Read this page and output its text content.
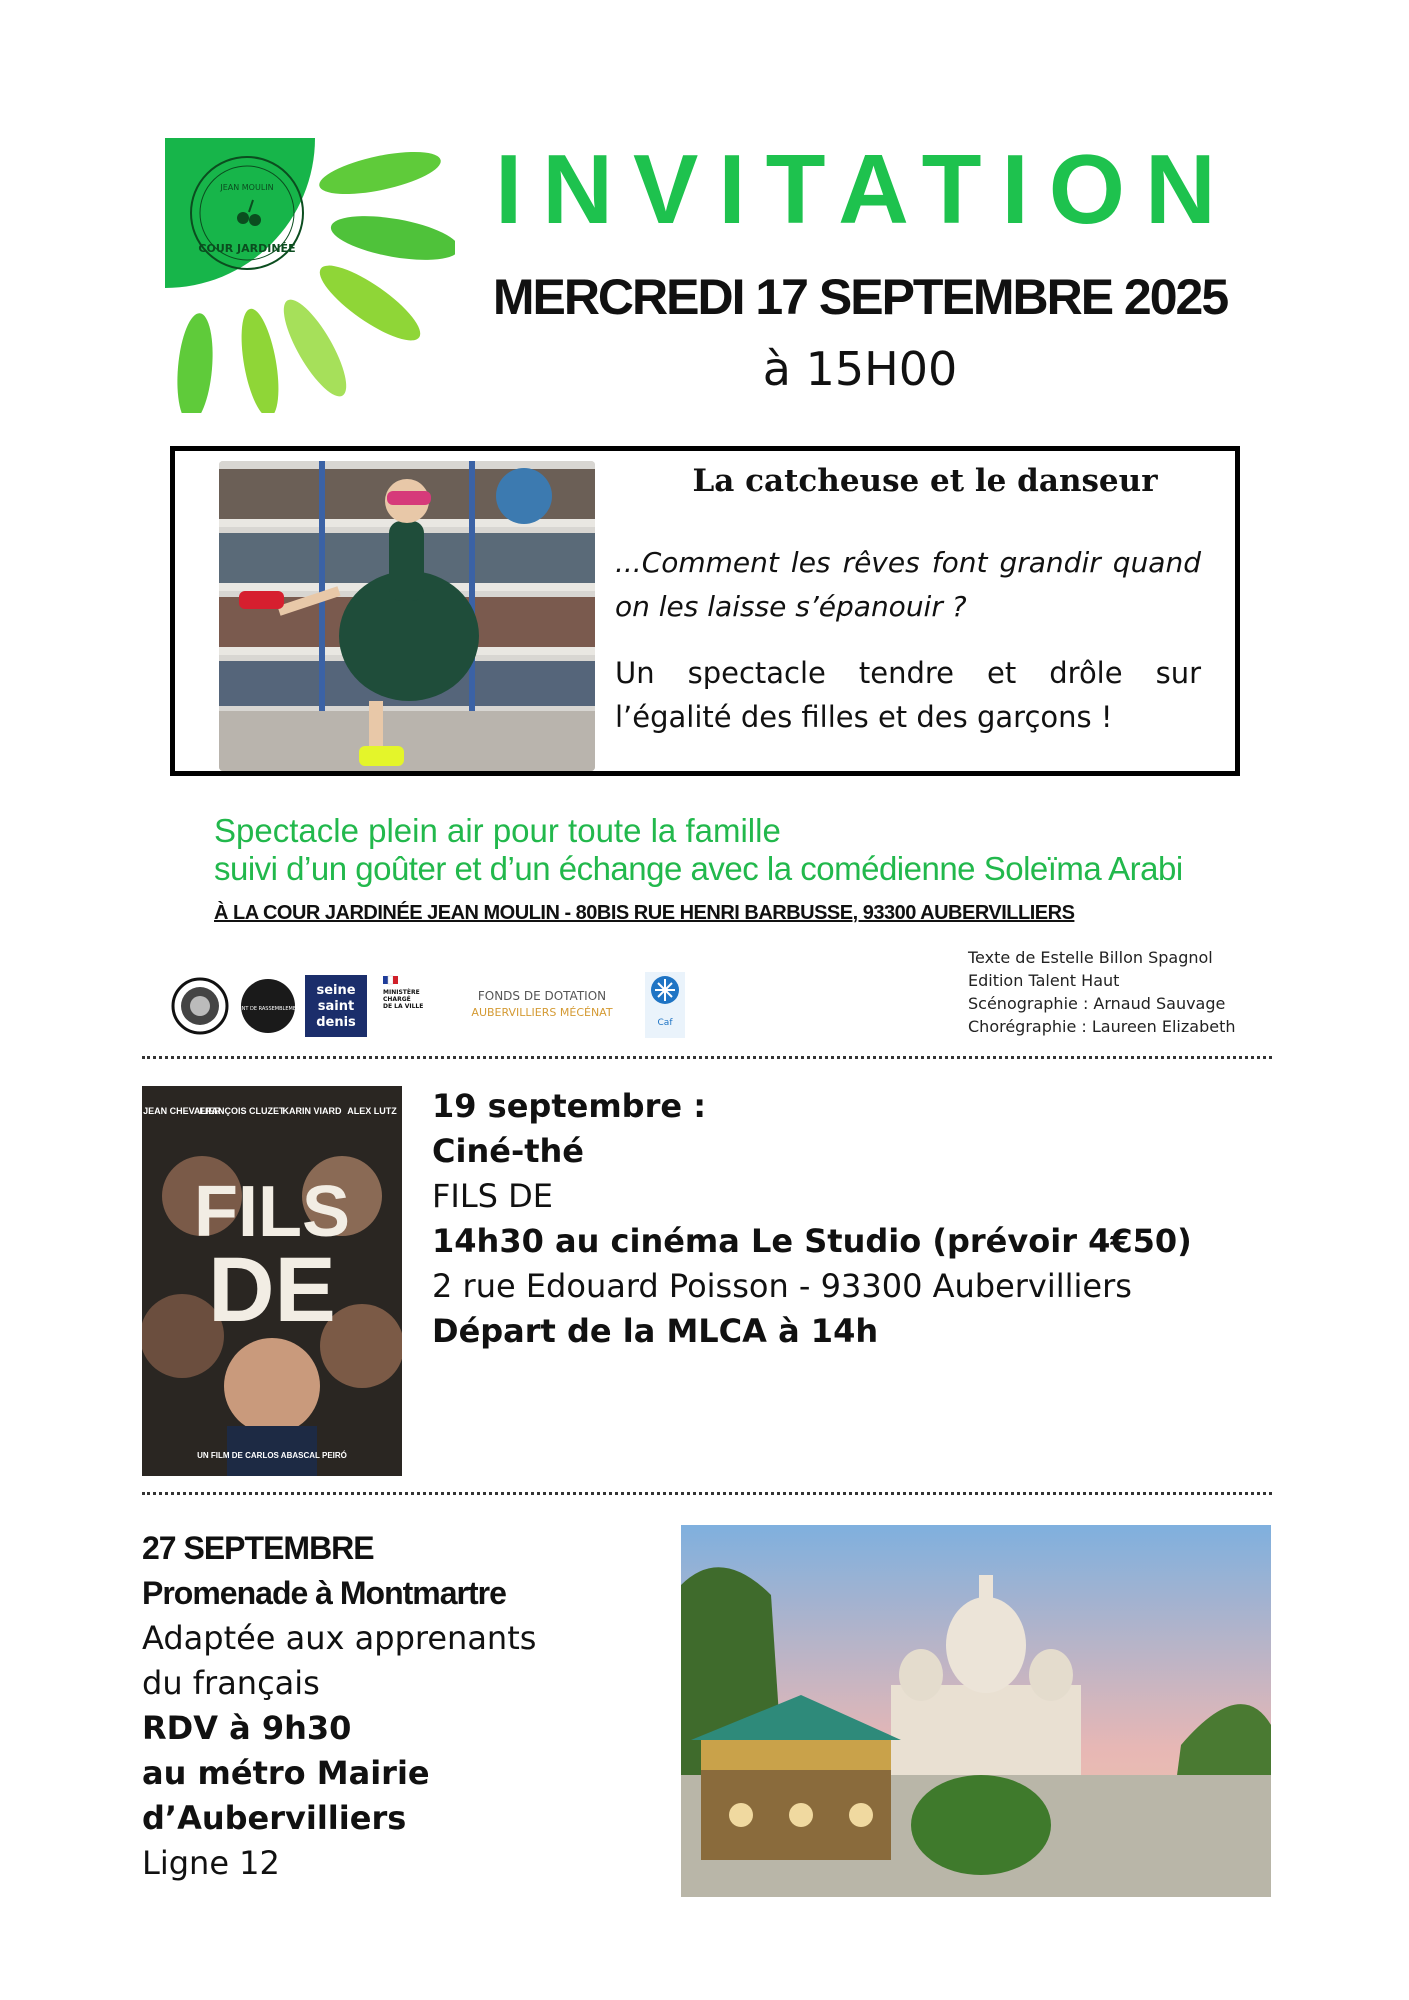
JEAN MOULIN
COUR JARDINÉE
INVITATION
MERCREDI 17 SEPTEMBRE 2025
à 15H00
La catcheuse et le danseur
...Comment les rêves font grandir quand on les laisse s’épanouir ?
Un spectacle tendre et drôle sur l’égalité des filles et des garçons !
Spectacle plein air pour toute la famille
suivi d’un goûter et d’un échange avec la comédienne Soleïma Arabi
À LA COUR JARDINÉE JEAN MOULIN - 80BIS RUE HENRI BARBUSSE, 93300 AUBERVILLIERS
POINT DE RASSEMBLEMENT
seine
saint
denis
MINISTÈRE
CHARGÉ
DE LA VILLE
FONDS DE DOTATION
AUBERVILLIERS MÉCÉNAT
Caf
Texte de Estelle Billon Spagnol
Edition Talent Haut
Scénographie : Arnaud Sauvage
Chorégraphie : Laureen Elizabeth
JEAN CHEVALIER
FRANÇOIS CLUZET
KARIN VIARD ALEX LUTZ
FILS
DE
UN FILM DE CARLOS ABASCAL PEIRÓ
19 septembre :
Ciné-thé
FILS DE
14h30 au cinéma Le Studio (prévoir 4€50)
2 rue Edouard Poisson - 93300 Aubervilliers
Départ de la MLCA à 14h
27 SEPTEMBRE
Promenade à Montmartre
Adaptée aux apprenants
du français
RDV à 9h30
au métro Mairie
d’Aubervilliers
Ligne 12
